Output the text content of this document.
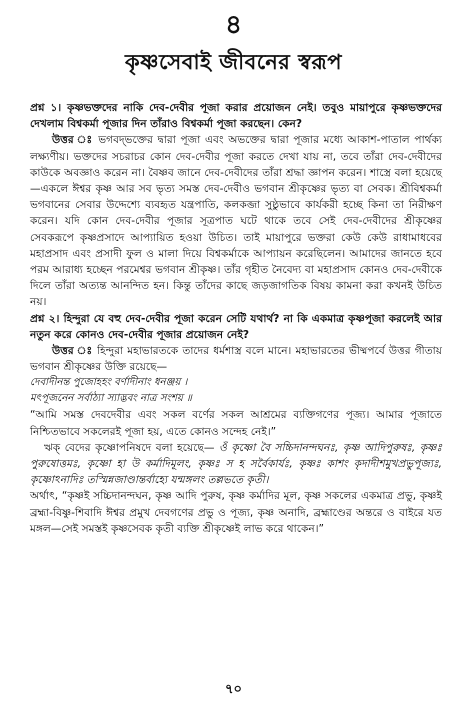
৪
কৃষ্ণসেবাই জীবনের স্বরূপ

প্রশ্ন ১। কৃষ্ণভক্তদের নাকি দেব-দেবীর পূজা করার প্রয়োজন নেই। তবুও মায়াপুরে কৃষ্ণভক্তদের দেখলাম বিশ্বকর্মা পূজার দিন তাঁরাও বিশ্বকর্মা পূজা করছেন। কেন?

উত্তর ঃ ভগবদ্‌ভক্তের দ্বারা পূজা এবং অভক্তের দ্বারা পূজার মধ্যে আকাশ-পাতাল পার্থক্য লক্ষ্যণীয়। ভক্তদের সচরাচর কোন দেব-দেবীর পূজা করতে দেখা যায় না, তবে তাঁরা দেব-দেবীদের কাউকে অবজ্ঞাও করেন না। বৈষ্ণব জানে দেব-দেবীদের তাঁরা শ্রদ্ধা জ্ঞাপন করেন। শাস্ত্রে বলা হয়েছে—একলে ঈশ্বর কৃষ্ণ আর সব ভৃত্য সমস্ত দেব-দেবীও ভগবান শ্রীকৃষ্ণের ভৃত্য বা সেবক। শ্রীবিশ্বকর্মা ভগবানের সেবার উদ্দেশ্যে ব্যবহৃত যন্ত্রপাতি, কলকব্জা সুষ্ঠুভাবে কার্যকরী হচ্ছে কিনা তা নিরীক্ষণ করেন। যদি কোন দেব-দেবীর পূজার সূত্রপাত ঘটে থাকে তবে সেই দেব-দেবীদের শ্রীকৃষ্ণের সেবকরূপে কৃষ্ণপ্রসাদে আপ্যায়িত হওয়া উচিত। তাই মায়াপুরে ভক্তরা কেউ কেউ রাধামাধবের মহাপ্রসাদ এবং প্রসাদী ফুল ও মালা দিয়ে বিশ্বকর্মাকে আপ্যায়ন করেছিলেন। আমাদের জানতে হবে পরম আরাধ্য হচ্ছেন পরমেশ্বর ভগবান শ্রীকৃষ্ণ। তাঁর গৃহীত নৈবেদ্য বা মহাপ্রসাদ কোনও দেব-দেবীকে দিলে তাঁরা অত্যন্ত আনন্দিত হন। কিন্তু তাঁদের কাছে জড়জাগতিক বিষয় কামনা করা কখনই উচিত নয়।

প্রশ্ন ২। হিন্দুরা যে বহু দেব-দেবীর পূজা করেন সেটি যথার্থ? না কি একমাত্র কৃষ্ণপূজা করলেই আর নতুন করে কোনও দেব-দেবীর পূজার প্রয়োজন নেই?

উত্তর ঃ হিন্দুরা মহাভারতকে তাদের ধর্মশাস্ত্র বলে মানে। মহাভারতের ভীষ্মপর্বে উত্তর গীতায় ভগবান শ্রীকৃষ্ণের উক্তি রয়েছে—

দেবাদীনন্ত পুজোহহং বর্ণাদীনাং ধনঞ্জয় ।

মৎপূজনেন সর্বাঠ্যা স্যাদ্ভবং নাত্র সংশয় ॥

“আমি সমস্ত দেবদেবীর এবং সকল বর্ণের সকল আশ্রমের ব্যক্তিগণের পূজ্য। আমার পূজাতে নিশ্চিতভাবে সকলেরই পূজা হয়, এতে কোনও সন্দেহ নেই।”

ঋক্‌ বেদের কৃষ্ণোপনিষদে বলা হয়েছে— ওঁ কৃষ্ণো বৈ সচ্চিদানন্দঘনঃ, কৃষ্ণ আদিপুরুষঃ, কৃষ্ণঃ পুরুষোত্তমঃ, কৃষ্ণো হা উ কর্মাদিমূলং, কৃষ্ণঃ স হ সর্বৈকার্যঃ, কৃষ্ণঃ কাশং কৃদাদীশমুখপ্রভুপূজ্যঃ, কৃষ্ণোঽনাদিঃ তস্মিন্নজাণ্ডান্তর্বাহ্যে যন্মঙ্গলং তল্লভতে কৃতী।

অর্থাৎ, “কৃষ্ণই সচ্চিদানন্দঘন, কৃষ্ণ আদি পুরুষ, কৃষ্ণ কর্মাদির মূল, কৃষ্ণ সকলের একমাত্র প্রভু, কৃষ্ণই ব্রহ্মা-বিষ্ণু-শিবাদি ঈশ্বর প্রমুখ দেবগণের প্রভু ও পূজ্য, কৃষ্ণ অনাদি, ব্রহ্মাণ্ডের অন্তরে ও বাইরে যত মঙ্গল—সেই সমস্তই কৃষ্ণসেবক কৃতী ব্যক্তি শ্রীকৃষ্ণেই লাভ করে থাকেন।”

৭০
